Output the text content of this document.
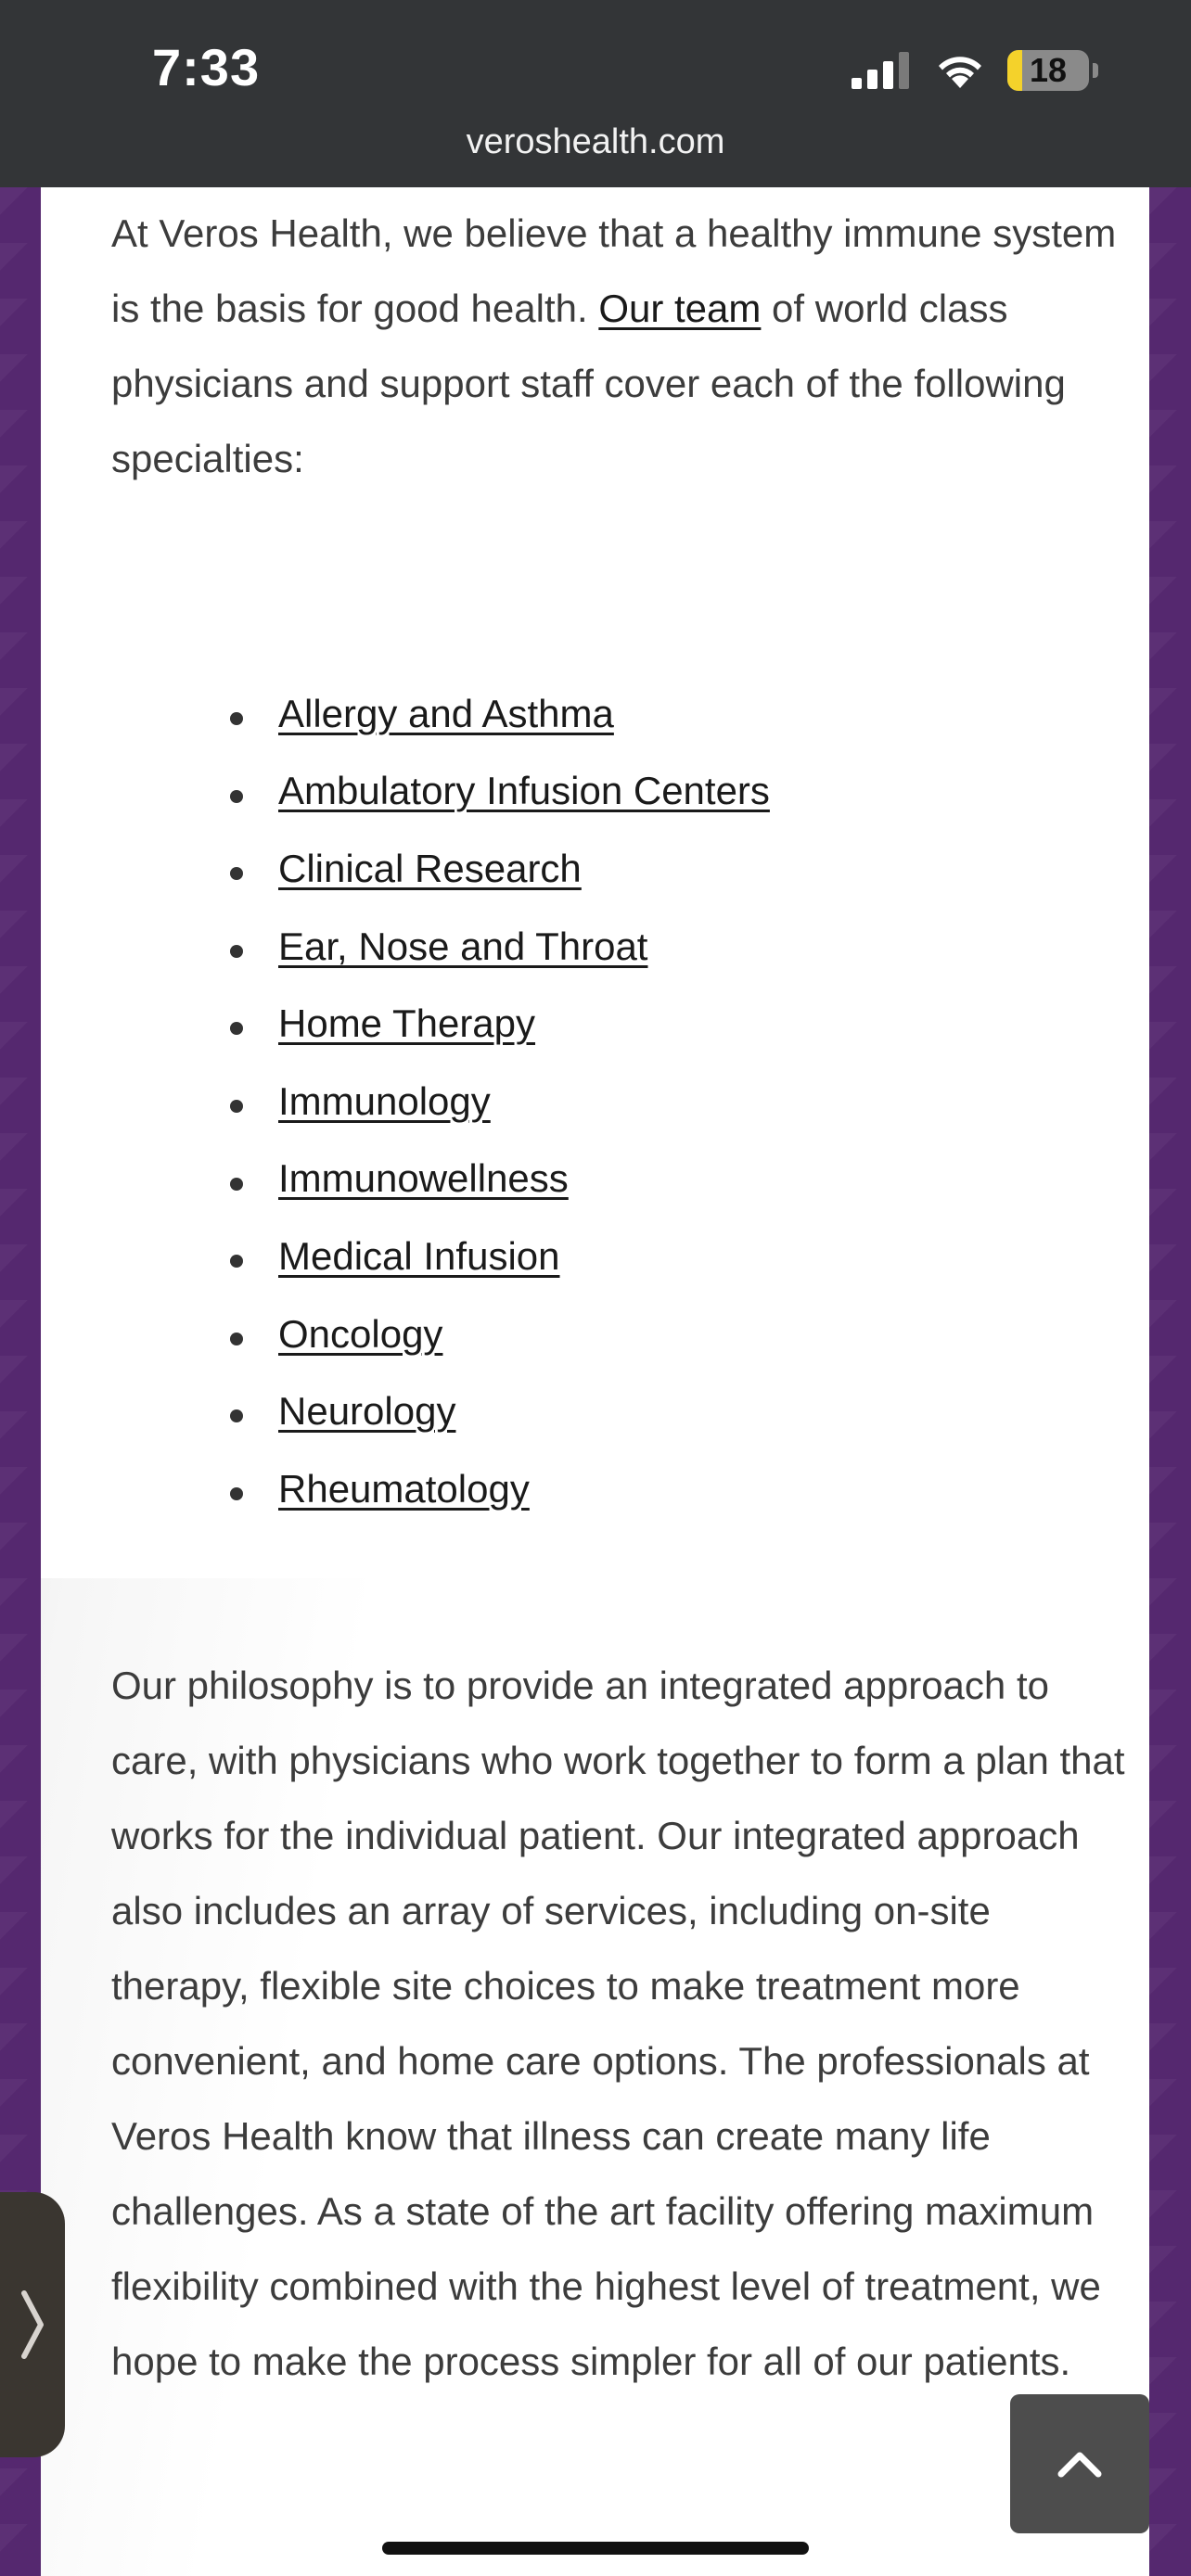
7:33	18
veroshealth.com

At Veros Health, we believe that a healthy immune system is the basis for good health. Our team of world class physicians and support staff cover each of the following specialties:

Allergy and Asthma
Ambulatory Infusion Centers
Clinical Research
Ear, Nose and Throat
Home Therapy
Immunology
Immunowellness
Medical Infusion
Oncology
Neurology
Rheumatology

Our philosophy is to provide an integrated approach to care, with physicians who work together to form a plan that works for the individual patient. Our integrated approach also includes an array of services, including on-site therapy, flexible site choices to make treatment more convenient, and home care options. The professionals at Veros Health know that illness can create many life challenges. As a state of the art facility offering maximum flexibility combined with the highest level of treatment, we hope to make the process simpler for all of our patients.
